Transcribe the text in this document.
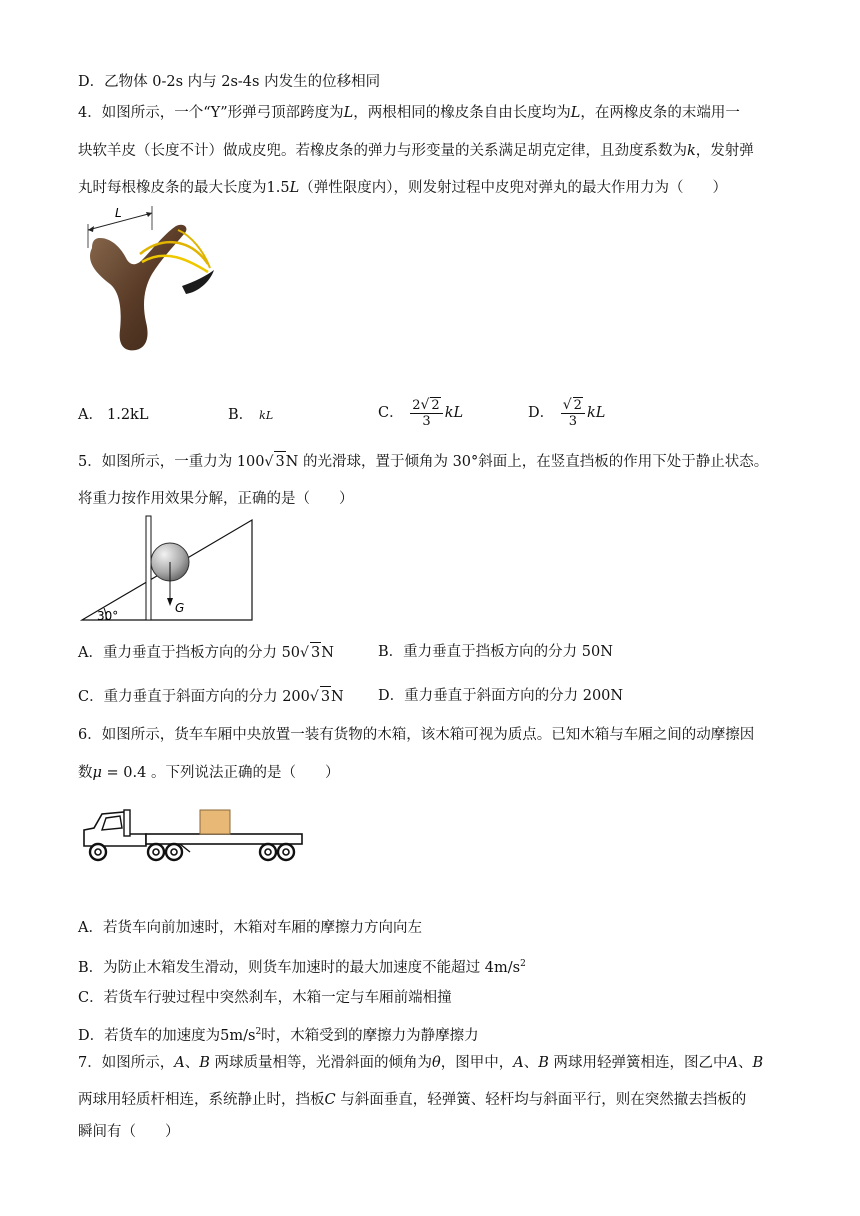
D．乙物体 0-2s 内与 2s-4s 内发生的位移相同
4．如图所示，一个“Y”形弹弓顶部跨度为L，两根相同的橡皮条自由长度均为L，在两橡皮条的末端用一
块软羊皮（长度不计）做成皮兜。若橡皮条的弹力与形变量的关系满足胡克定律，且劲度系数为k，发射弹
丸时每根橡皮条的最大长度为1.5L（弹性限度内），则发射过程中皮兜对弹丸的最大作用力为（　　）
L
A． 1.2kL	B． kL	C． $\frac{2√ 2}{3}$ kL	D． $\frac{√ 2}{3}$ kL
5．如图所示，一重力为 100√ 3N 的光滑球，置于倾角为 30°斜面上，在竖直挡板的作用下处于静止状态。
将重力按作用效果分解，正确的是（　　）
G
30°
A．重力垂直于挡板方向的分力 50√ 3N	B．重力垂直于挡板方向的分力 50N
C．重力垂直于斜面方向的分力 200√ 3N D．重力垂直于斜面方向的分力 200N
6．如图所示，货车车厢中央放置一装有货物的木箱，该木箱可视为质点。已知木箱与车厢之间的动摩擦因
数μ = 0.4 。下列说法正确的是（　　）
A．若货车向前加速时，木箱对车厢的摩擦力方向向左
B．为防止木箱发生滑动，则货车加速时的最大加速度不能超过 $4m/s^2$
C．若货车行驶过程中突然刹车，木箱一定与车厢前端相撞
D．若货车的加速度为$5m/s^2$时，木箱受到的摩擦力为静摩擦力
7．如图所示，A、B 两球质量相等，光滑斜面的倾角为θ，图甲中，A、B 两球用轻弹簧相连，图乙中A、B
两球用轻质杆相连，系统静止时，挡板C 与斜面垂直，轻弹簧、轻杆均与斜面平行，则在突然撤去挡板的
瞬间有（　　）
